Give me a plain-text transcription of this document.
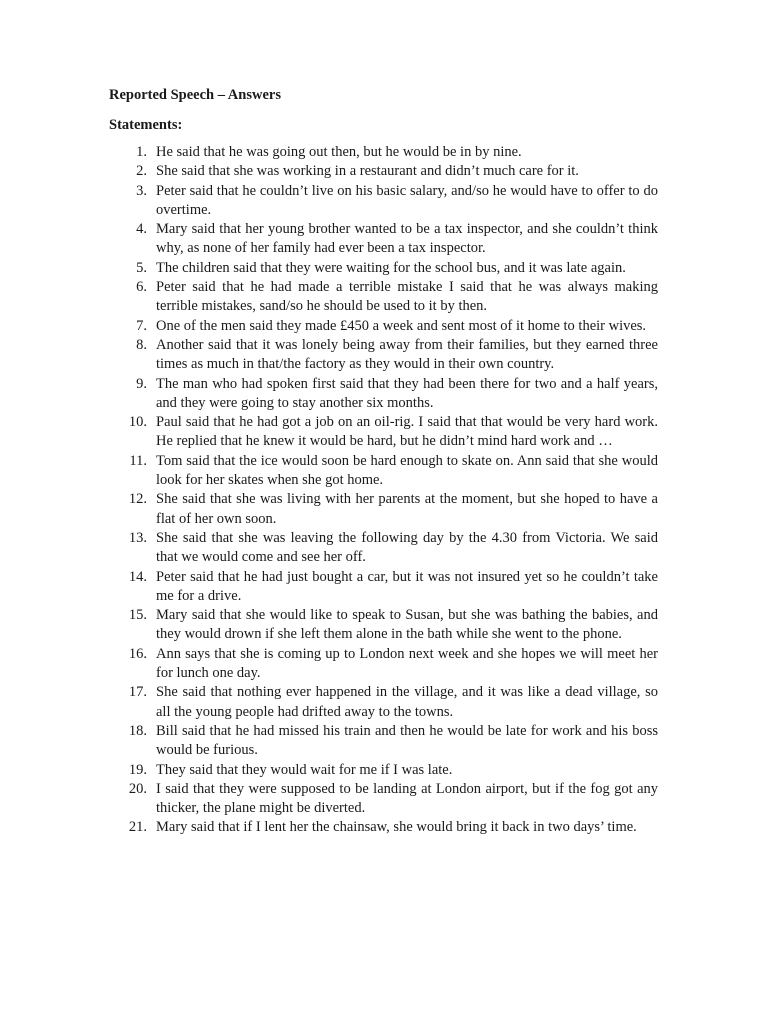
Reported Speech – Answers
Statements:
1. He said that he was going out then, but he would be in by nine.
2. She said that she was working in a restaurant and didn’t much care for it.
3. Peter said that he couldn’t live on his basic salary, and/so he would have to offer to do overtime.
4. Mary said that her young brother wanted to be a tax inspector, and she couldn’t think why, as none of her family had ever been a tax inspector.
5. The children said that they were waiting for the school bus, and it was late again.
6. Peter said that he had made a terrible mistake I said that he was always making terrible mistakes, sand/so he should be used to it by then.
7. One of the men said they made £450 a week and sent most of it home to their wives.
8. Another said that it was lonely being away from their families, but they earned three times as much in that/the factory as they would in their own country.
9. The man who had spoken first said that they had been there for two and a half years, and they were going to stay another six months.
10. Paul said that he had got a job on an oil-rig. I said that that would be very hard work. He replied that he knew it would be hard, but he didn’t mind hard work and …
11. Tom said that the ice would soon be hard enough to skate on. Ann said that she would look for her skates when she got home.
12. She said that she was living with her parents at the moment, but she hoped to have a flat of her own soon.
13. She said that she was leaving the following day by the 4.30 from Victoria. We said that we would come and see her off.
14. Peter said that he had just bought a car, but it was not insured yet so he couldn’t take me for a drive.
15. Mary said that she would like to speak to Susan, but she was bathing the babies, and they would drown if she left them alone in the bath while she went to the phone.
16. Ann says that she is coming up to London next week and she hopes we will meet her for lunch one day.
17. She said that nothing ever happened in the village, and it was like a dead village, so all the young people had drifted away to the towns.
18. Bill said that he had missed his train and then he would be late for work and his boss would be furious.
19. They said that they would wait for me if I was late.
20. I said that they were supposed to be landing at London airport, but if the fog got any thicker, the plane might be diverted.
21. Mary said that if I lent her the chainsaw, she would bring it back in two days’ time.
